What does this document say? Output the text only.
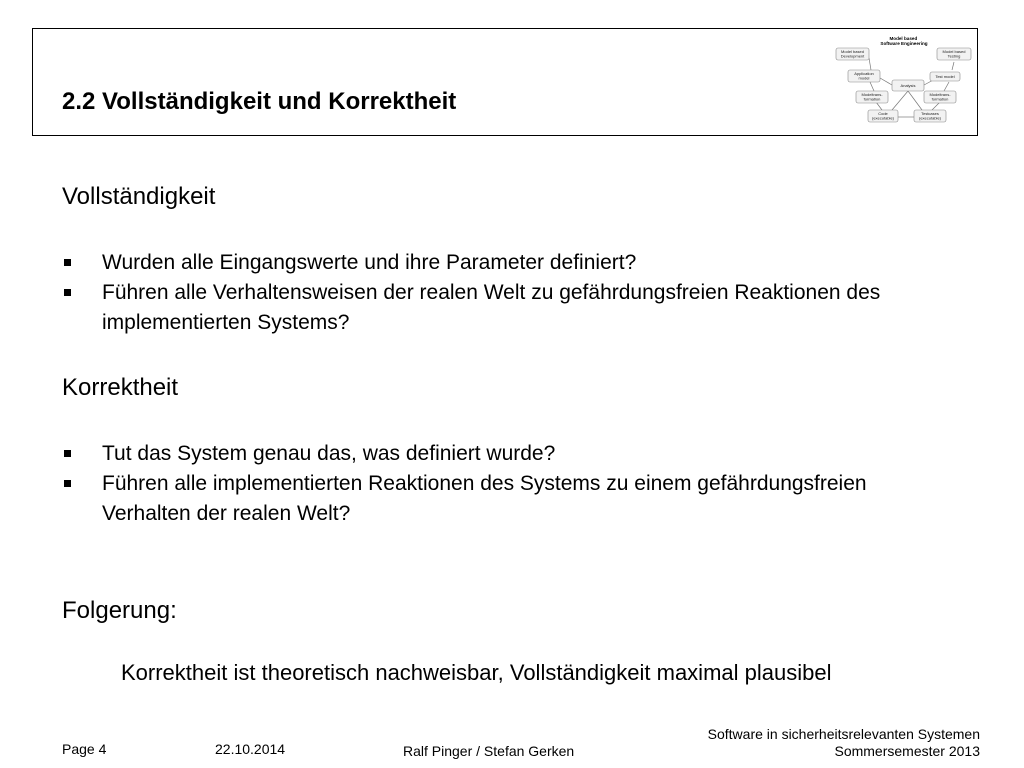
2.2 Vollständigkeit und Korrektheit
Model based Software Engineering
Model based Development
Model based Testing
Application model	Test model
Analysis
Modeltrans-formation
Modeltrans-formation
Code (executable)
Testcases (executable)
Vollständigkeit
Wurden alle Eingangswerte und ihre Parameter definiert?
Führen alle Verhaltensweisen der realen Welt zu gefährdungsfreien Reaktionen des implementierten Systems?
Korrektheit
Tut das System genau das, was definiert wurde?
Führen alle implementierten Reaktionen des Systems zu einem gefährdungsfreien Verhalten der realen Welt?
Folgerung:

Korrektheit ist theoretisch nachweisbar, Vollständigkeit maximal plausibel

Page 4	22.10.2014	Ralf Pinger / Stefan Gerken

Software in sicherheitsrelevanten Systemen

Sommersemester 2013
